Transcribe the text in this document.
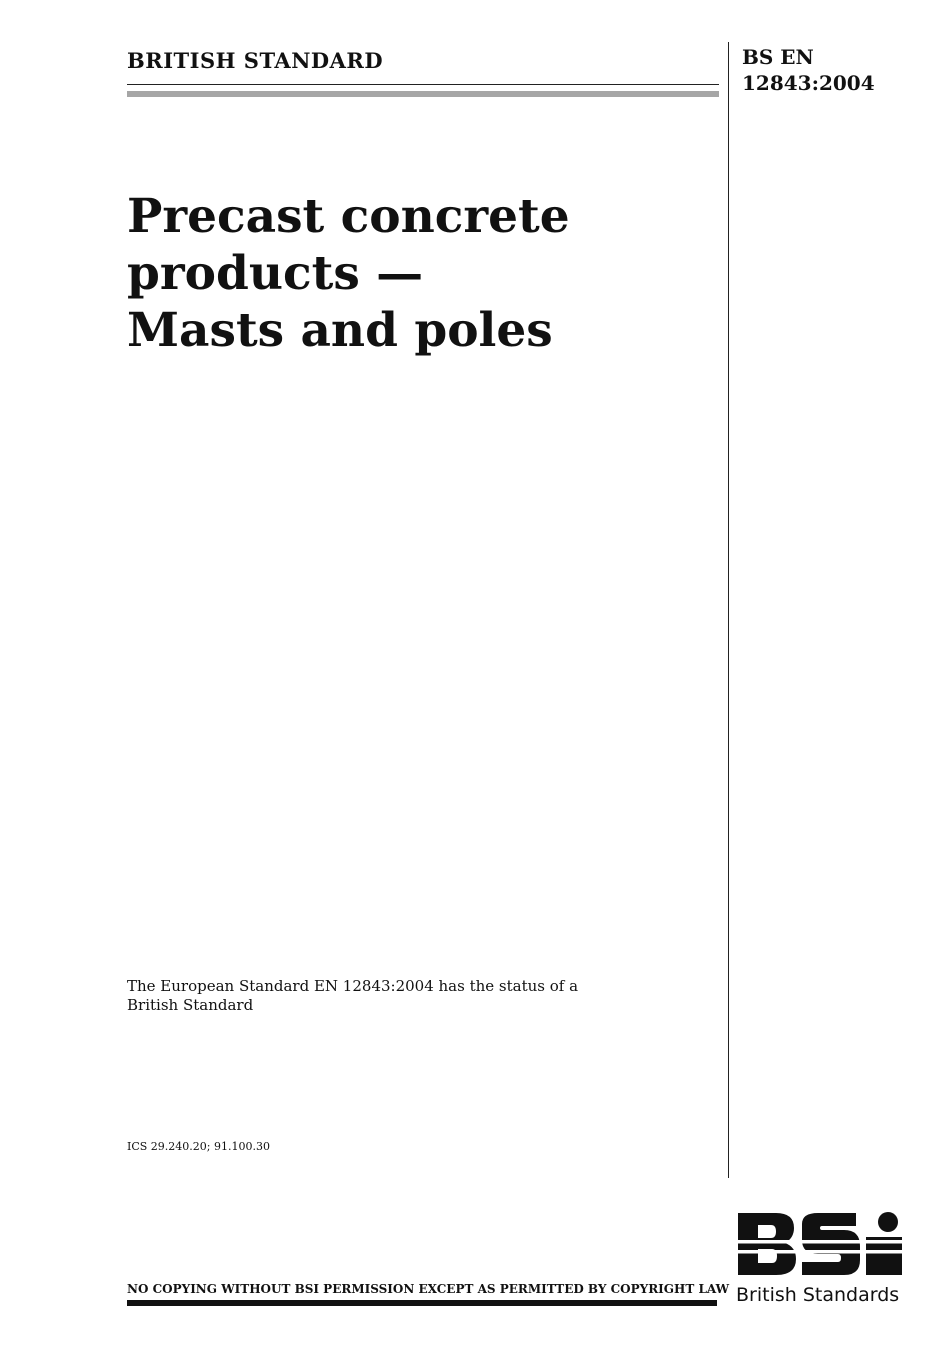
BRITISH STANDARD	BS EN
12843:2004
Precast concrete
products —
Masts and poles
The European Standard EN 12843:2004 has the status of a
British Standard
ICS 29.240.20; 91.100.30
NO COPYING WITHOUT BSI PERMISSION EXCEPT AS PERMITTED BY COPYRIGHT LAW British Standards
